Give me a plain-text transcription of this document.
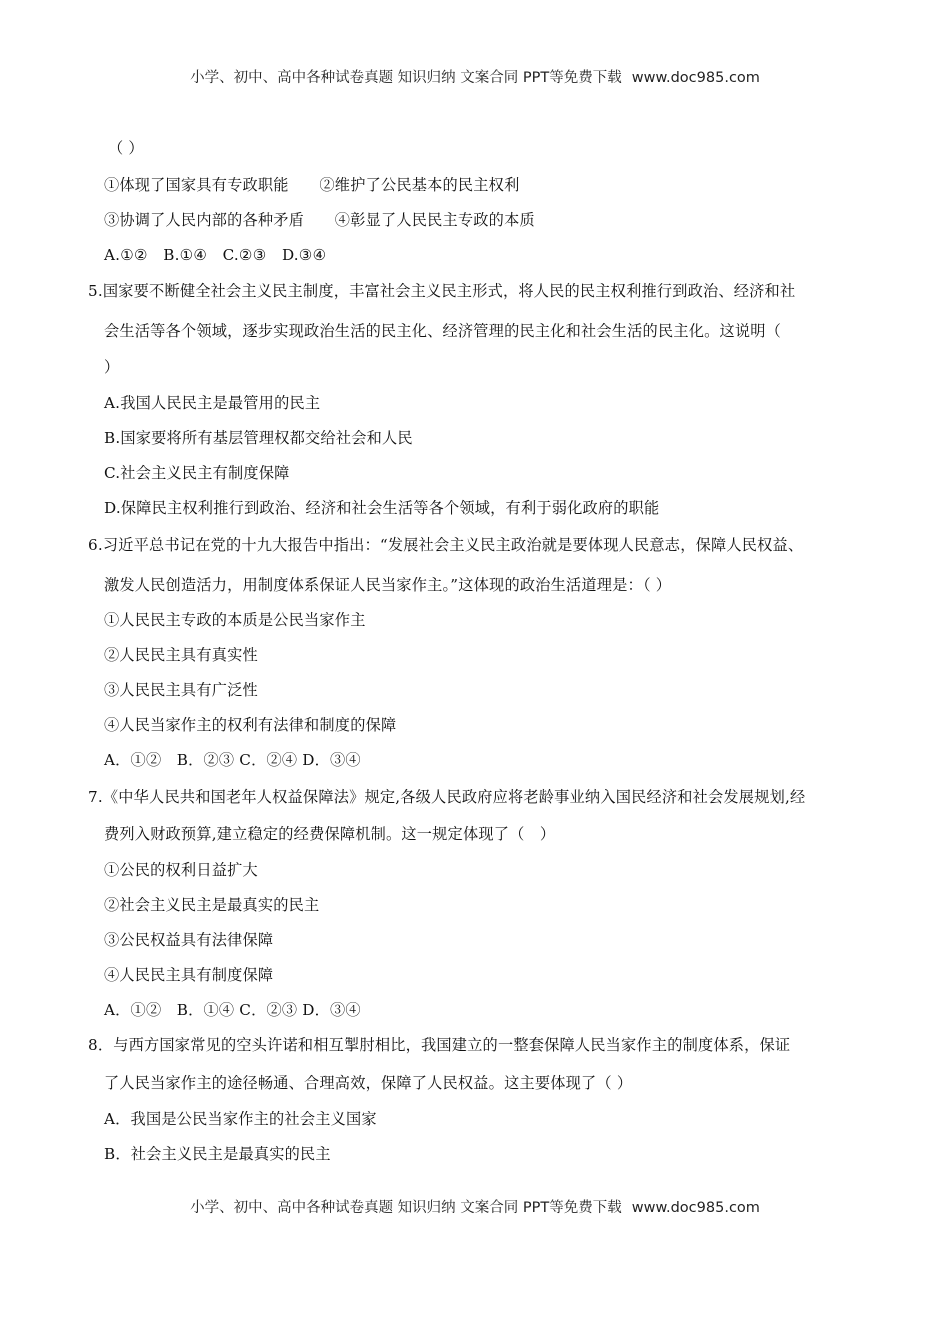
小学、初中、高中各种试卷真题 知识归纳 文案合同 PPT等免费下载 www.doc985.com
（ ）
①体现了国家具有专政职能　　②维护了公民基本的民主权利
③协调了人民内部的各种矛盾　　④彰显了人民民主专政的本质
A.①②　B.①④　C.②③　D.③④
5.国家要不断健全社会主义民主制度，丰富社会主义民主形式，将人民的民主权利推行到政治、经济和社
会生活等各个领域，逐步实现政治生活的民主化、经济管理的民主化和社会生活的民主化。这说明（
）
A.我国人民民主是最管用的民主
B.国家要将所有基层管理权都交给社会和人民
C.社会主义民主有制度保障
D.保障民主权利推行到政治、经济和社会生活等各个领域，有利于弱化政府的职能
6.习近平总书记在党的十九大报告中指出：“发展社会主义民主政治就是要体现人民意志，保障人民权益、
激发人民创造活力，用制度体系保证人民当家作主。”这体现的政治生活道理是：（ ）
①人民民主专政的本质是公民当家作主
②人民民主具有真实性
③人民民主具有广泛性
④人民当家作主的权利有法律和制度的保障
A．①②　B．②③ C．②④ D．③④
7.《中华人民共和国老年人权益保障法》规定,各级人民政府应将老龄事业纳入国民经济和社会发展规划,经
费列入财政预算,建立稳定的经费保障机制。这一规定体现了（　）
①公民的权利日益扩大
②社会主义民主是最真实的民主
③公民权益具有法律保障
④人民民主具有制度保障
A．①②　B．①④ C．②③ D．③④
8．与西方国家常见的空头许诺和相互掣肘相比，我国建立的一整套保障人民当家作主的制度体系，保证
了人民当家作主的途径畅通、合理高效，保障了人民权益。这主要体现了（ ）
A．我国是公民当家作主的社会主义国家
B．社会主义民主是最真实的民主
小学、初中、高中各种试卷真题 知识归纳 文案合同 PPT等免费下载 www.doc985.com
